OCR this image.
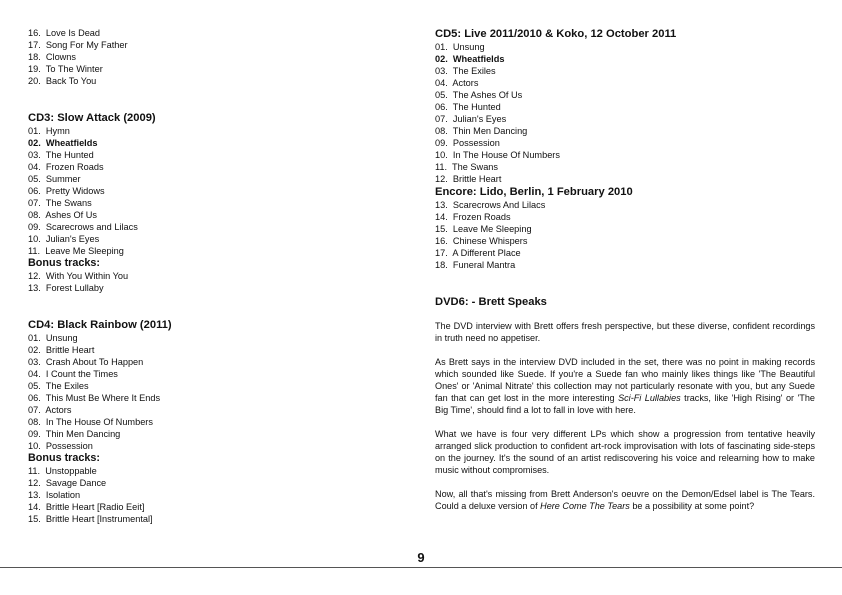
16. Love Is Dead
17. Song For My Father
18. Clowns
19. To The Winter
20. Back To You
CD3: Slow Attack (2009)
01. Hymn
02. Wheatfields
03. The Hunted
04. Frozen Roads
05. Summer
06. Pretty Widows
07. The Swans
08. Ashes Of Us
09. Scarecrows and Lilacs
10. Julian's Eyes
11. Leave Me Sleeping
Bonus tracks:
12. With You Within You
13. Forest Lullaby
CD4: Black Rainbow (2011)
01. Unsung
02. Brittle Heart
03. Crash About To Happen
04. I Count the Times
05. The Exiles
06. This Must Be Where It Ends
07. Actors
08. In The House Of Numbers
09. Thin Men Dancing
10. Possession
Bonus tracks:
11. Unstoppable
12. Savage Dance
13. Isolation
14. Brittle Heart [Radio Eeit]
15. Brittle Heart [Instrumental]
CD5: Live 2011/2010 & Koko, 12 October 2011
01. Unsung
02. Wheatfields
03. The Exiles
04. Actors
05. The Ashes Of Us
06. The Hunted
07. Julian's Eyes
08. Thin Men Dancing
09. Possession
10. In The House Of Numbers
11. The Swans
12. Brittle Heart
Encore: Lido, Berlin, 1 February 2010
13. Scarecrows And Lilacs
14. Frozen Roads
15. Leave Me Sleeping
16. Chinese Whispers
17. A Different Place
18. Funeral Mantra
DVD6: - Brett Speaks

The DVD interview with Brett offers fresh perspective, but these diverse, confident recordings in truth need no appetiser.

As Brett says in the interview DVD included in the set, there was no point in making records which sounded like Suede. If you're a Suede fan who mainly likes things like 'The Beautiful Ones' or 'Animal Nitrate' this collection may not particularly resonate with you, but any Suede fan that can get lost in the more interesting Sci-Fi Lullabies tracks, like 'High Rising' or 'The Big Time', should find a lot to fall in love with here.

What we have is four very different LPs which show a progression from tentative heavily arranged slick production to confident art-rock improvisation with lots of fascinating side-steps on the journey. It's the sound of an artist rediscovering his voice and relearning how to make music without compromises.

Now, all that's missing from Brett Anderson's oeuvre on the Demon/Edsel label is The Tears. Could a deluxe version of Here Come The Tears be a possibility at some point?

9
